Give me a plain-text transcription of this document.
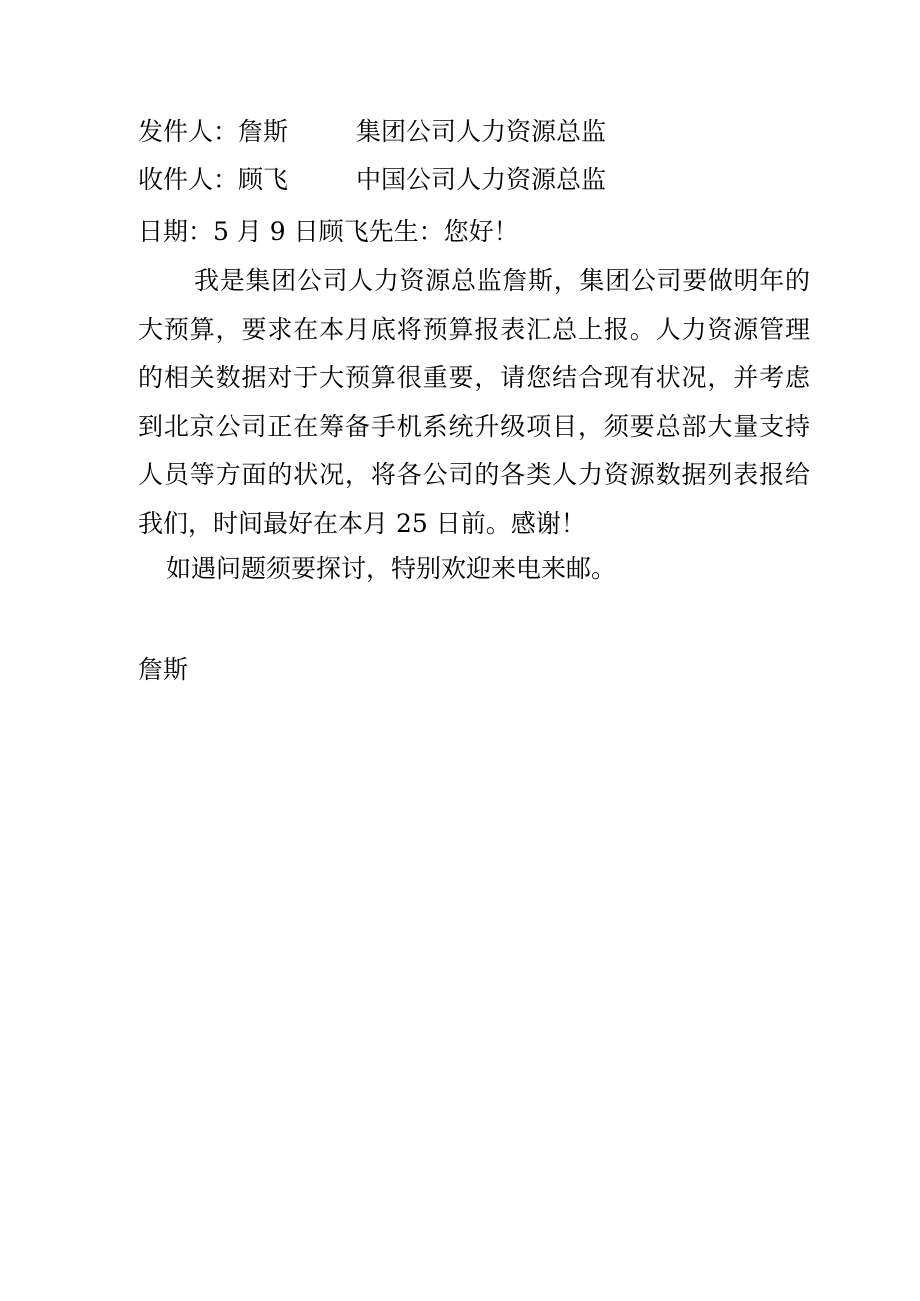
发件人：詹斯	集团公司人力资源总监
收件人：顾飞	中国公司人力资源总监
日期：5 月 9 日顾飞先生：您好！

我是集团公司人力资源总监詹斯，集团公司要做明年的大预算，要求在本月底将预算报表汇总上报。人力资源管理的相关数据对于大预算很重要，请您结合现有状况，并考虑到北京公司正在筹备手机系统升级项目，须要总部大量支持人员等方面的状况，将各公司的各类人力资源数据列表报给我们，时间最好在本月 25 日前。感谢！

如遇问题须要探讨，特别欢迎来电来邮。
詹斯
